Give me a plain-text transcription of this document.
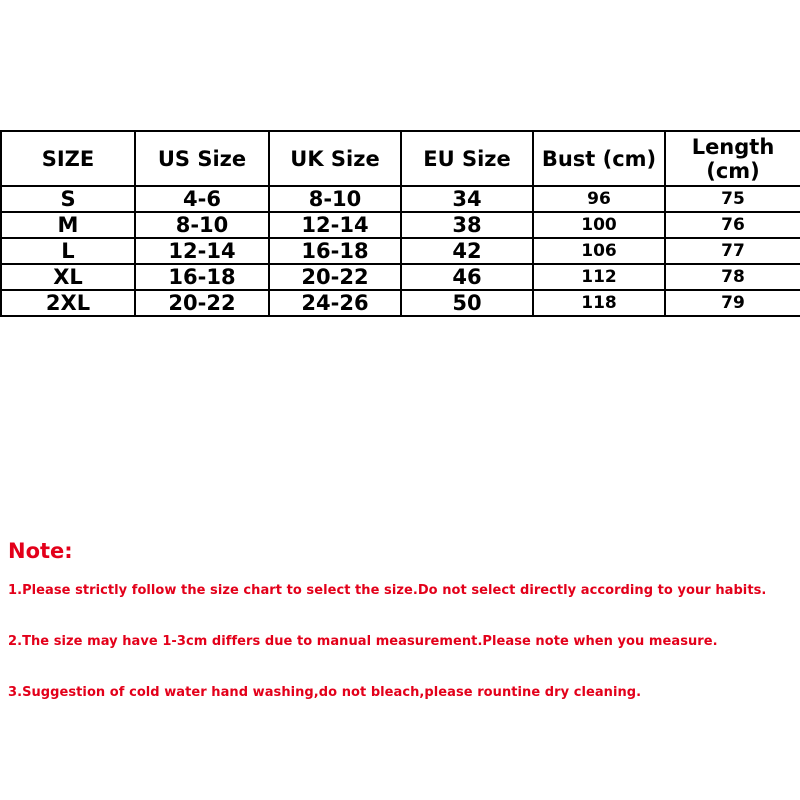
SIZE	US Size	UK Size	EU Size	Bust (cm)	Length (cm)
S	4-6	8-10	34	96	75
M	8-10	12-14	38	100	76
L	12-14	16-18	42	106	77
XL	16-18	20-22	46	112	78
2XL	20-22	24-26	50	118	79
Note:
1.Please strictly follow the size chart to select the size.Do not select directly according to your habits.
2.The size may have 1-3cm differs due to manual measurement.Please note when you measure.
3.Suggestion of cold water hand washing,do not bleach,please rountine dry cleaning.
